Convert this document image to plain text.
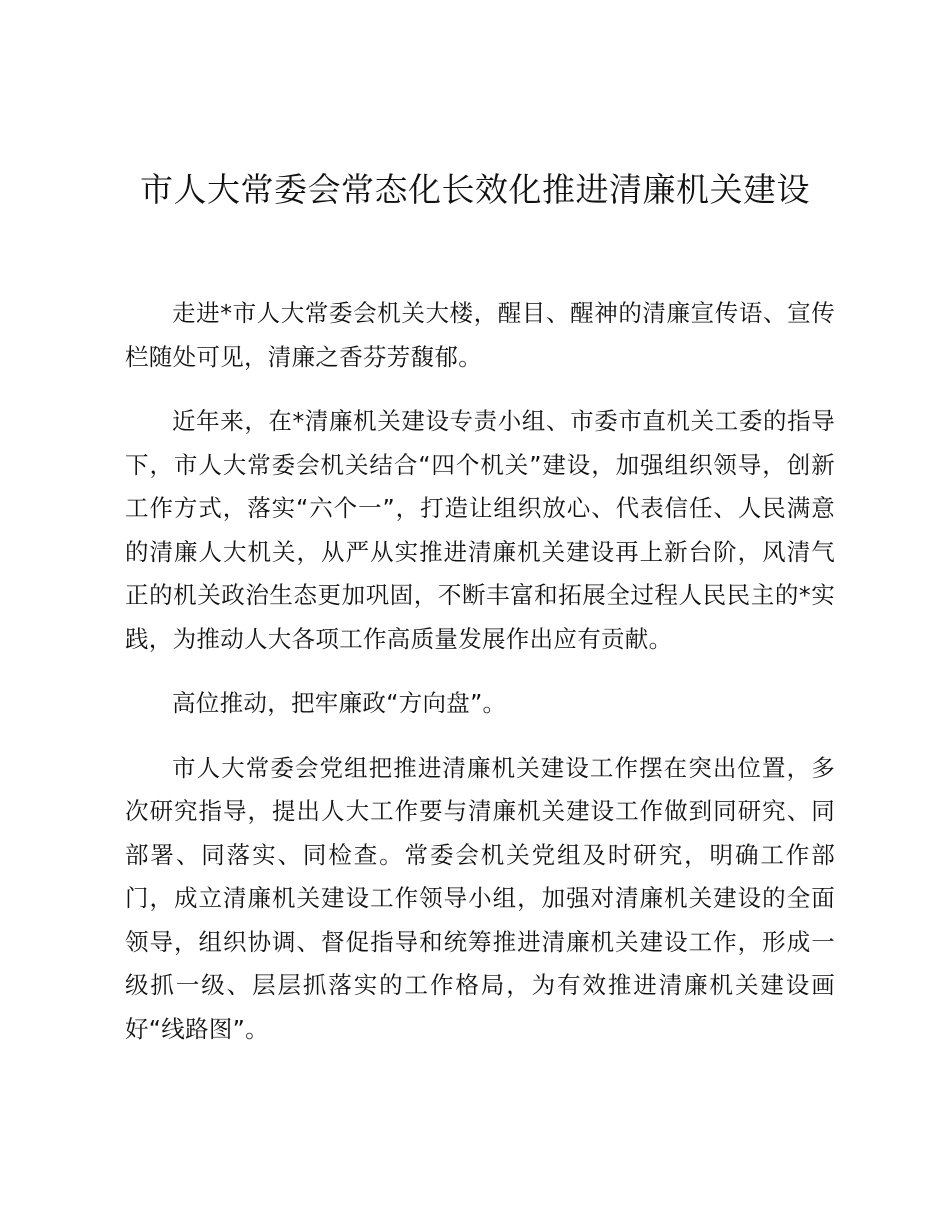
市人大常委会常态化长效化推进清廉机关建设

走进*市人大常委会机关大楼，醒目、醒神的清廉宣传语、宣传栏随处可见，清廉之香芬芳馥郁。

近年来，在*清廉机关建设专责小组、市委市直机关工委的指导下，市人大常委会机关结合“四个机关”建设，加强组织领导，创新工作方式，落实“六个一”，打造让组织放心、代表信任、人民满意的清廉人大机关，从严从实推进清廉机关建设再上新台阶，风清气正的机关政治生态更加巩固，不断丰富和拓展全过程人民民主的*实践，为推动人大各项工作高质量发展作出应有贡献。

高位推动，把牢廉政“方向盘”。

市人大常委会党组把推进清廉机关建设工作摆在突出位置，多次研究指导，提出人大工作要与清廉机关建设工作做到同研究、同部署、同落实、同检查。常委会机关党组及时研究，明确工作部门，成立清廉机关建设工作领导小组，加强对清廉机关建设的全面领导，组织协调、督促指导和统筹推进清廉机关建设工作，形成一级抓一级、层层抓落实的工作格局，为有效推进清廉机关建设画好“线路图”。
